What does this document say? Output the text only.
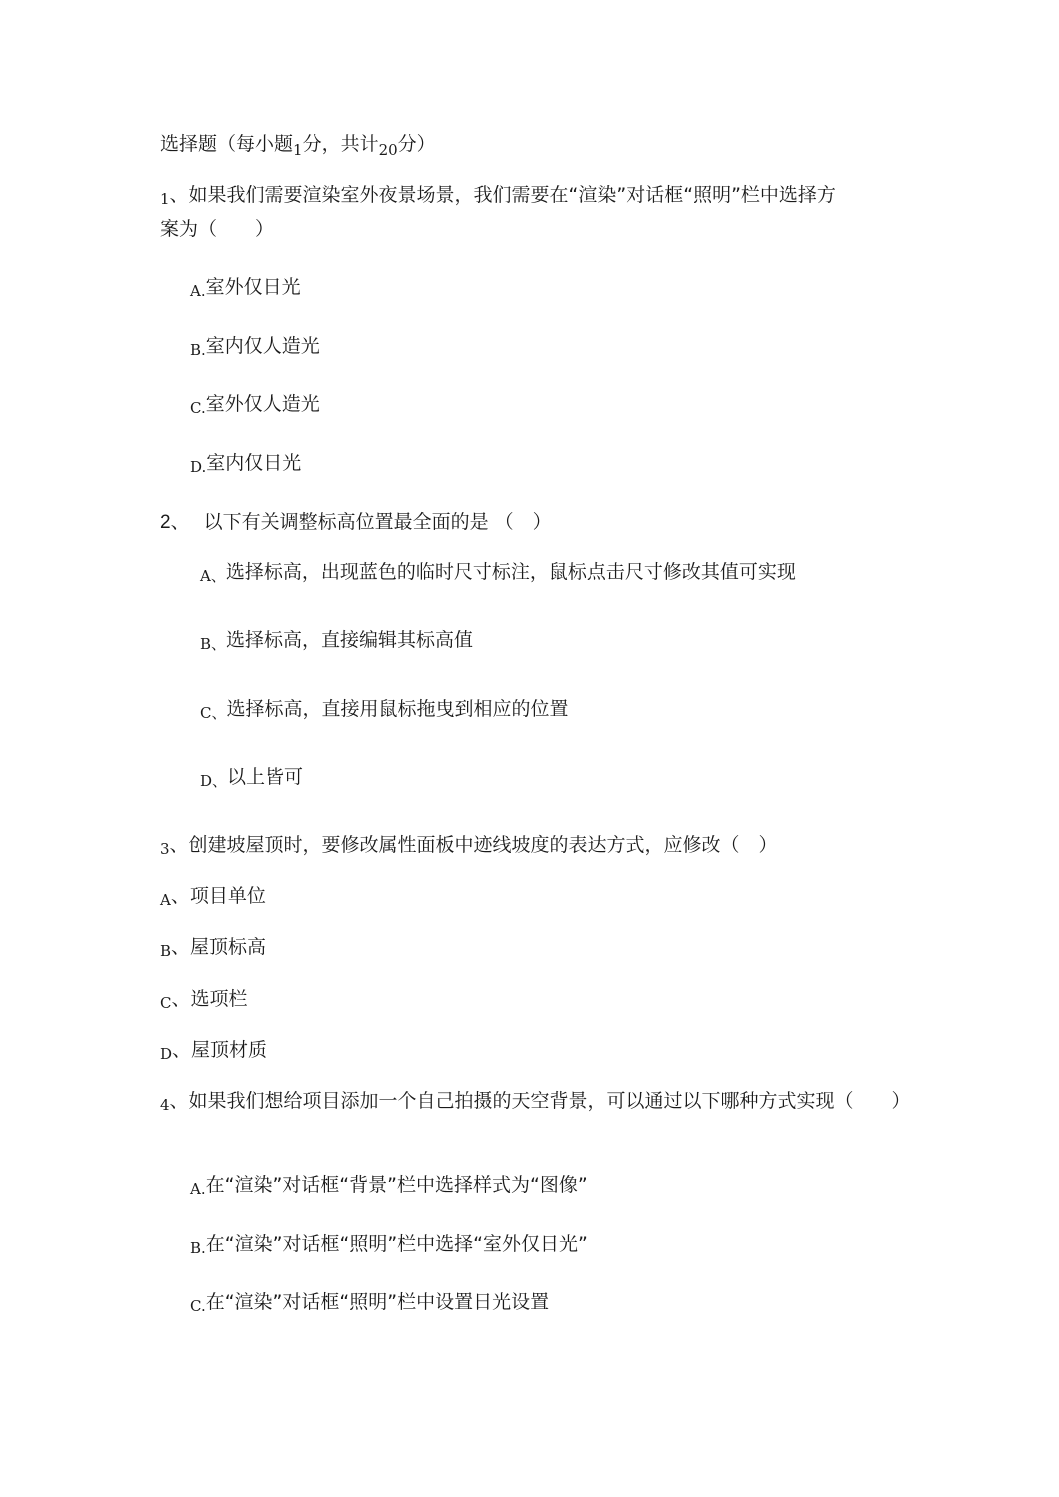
选择题（每小题$_1$分，共计$_{20}$分）
1、如果我们需要渲染室外夜景场景，我们需要在“渲染”对话框“照明”栏中选择方
案为（　　）
A.室外仅日光
B.室内仅人造光
C.室外仅人造光
D.室内仅日光
2、 以下有关调整标高位置最全面的是 （　）
A、选择标高，出现蓝色的临时尺寸标注，鼠标点击尺寸修改其值可实现
B、选择标高，直接编辑其标高值
C、选择标高，直接用鼠标拖曳到相应的位置
D、以上皆可
3、创建坡屋顶时，要修改属性面板中迹线坡度的表达方式，应修改（　）
A、项目单位
B、屋顶标高
C、选项栏
D、屋顶材质
4、如果我们想给项目添加一个自己拍摄的天空背景，可以通过以下哪种方式实现（　　）
A.在“渲染”对话框“背景”栏中选择样式为“图像”
B.在“渲染”对话框“照明”栏中选择“室外仅日光”
C.在“渲染”对话框“照明”栏中设置日光设置
